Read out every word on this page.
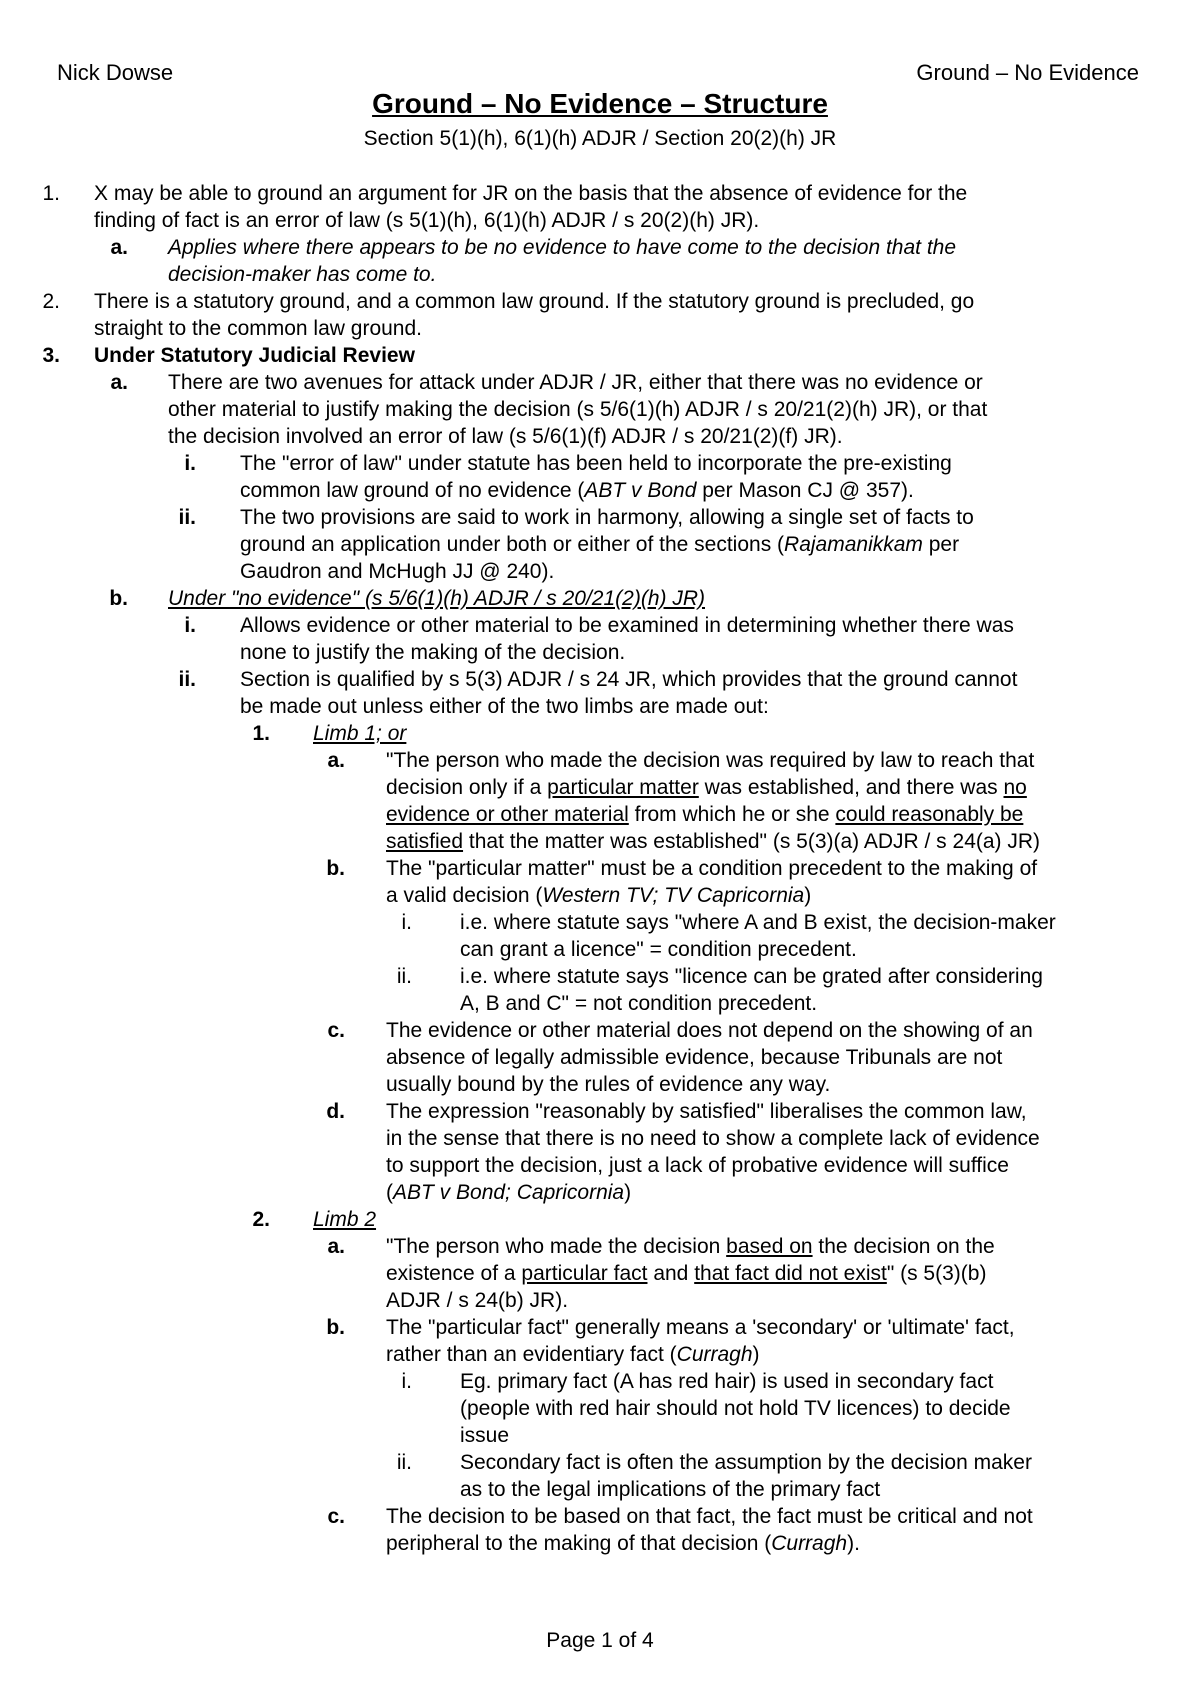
Nick Dowse	Ground – No Evidence
Ground – No Evidence – Structure
Section 5(1)(h), 6(1)(h) ADJR / Section 20(2)(h) JR
1. X may be able to ground an argument for JR on the basis that the absence of evidence for the
finding of fact is an error of law (s 5(1)(h), 6(1)(h) ADJR / s 20(2)(h) JR).
a. Applies where there appears to be no evidence to have come to the decision that the
decision-maker has come to.
2. There is a statutory ground, and a common law ground. If the statutory ground is precluded, go
straight to the common law ground.
3. Under Statutory Judicial Review
a. There are two avenues for attack under ADJR / JR, either that there was no evidence or
other material to justify making the decision (s 5/6(1)(h) ADJR / s 20/21(2)(h) JR), or that
the decision involved an error of law (s 5/6(1)(f) ADJR / s 20/21(2)(f) JR).
i. The "error of law" under statute has been held to incorporate the pre-existing
common law ground of no evidence (ABT v Bond per Mason CJ @ 357).
ii. The two provisions are said to work in harmony, allowing a single set of facts to
ground an application under both or either of the sections (Rajamanikkam per
Gaudron and McHugh JJ @ 240).
b. Under "no evidence" (s 5/6(1)(h) ADJR / s 20/21(2)(h) JR)
i. Allows evidence or other material to be examined in determining whether there was
none to justify the making of the decision.
ii. Section is qualified by s 5(3) ADJR / s 24 JR, which provides that the ground cannot
be made out unless either of the two limbs are made out:
1. Limb 1; or
a. "The person who made the decision was required by law to reach that
decision only if a particular matter was established, and there was no
evidence or other material from which he or she could reasonably be
satisfied that the matter was established" (s 5(3)(a) ADJR / s 24(a) JR)
b. The "particular matter" must be a condition precedent to the making of
a valid decision (Western TV; TV Capricornia)
i. i.e. where statute says "where A and B exist, the decision-maker
can grant a licence" = condition precedent.
ii. i.e. where statute says "licence can be grated after considering
A, B and C" = not condition precedent.
c. The evidence or other material does not depend on the showing of an
absence of legally admissible evidence, because Tribunals are not
usually bound by the rules of evidence any way.
d. The expression "reasonably by satisfied" liberalises the common law,
in the sense that there is no need to show a complete lack of evidence
to support the decision, just a lack of probative evidence will suffice
(ABT v Bond; Capricornia)
2. Limb 2
a. "The person who made the decision based on the decision on the
existence of a particular fact and that fact did not exist" (s 5(3)(b)
ADJR / s 24(b) JR).
b. The "particular fact" generally means a 'secondary' or 'ultimate' fact,
rather than an evidentiary fact (Curragh)
i. Eg. primary fact (A has red hair) is used in secondary fact
(people with red hair should not hold TV licences) to decide
issue
ii. Secondary fact is often the assumption by the decision maker
as to the legal implications of the primary fact
c. The decision to be based on that fact, the fact must be critical and not
peripheral to the making of that decision (Curragh).
Page 1 of 4
